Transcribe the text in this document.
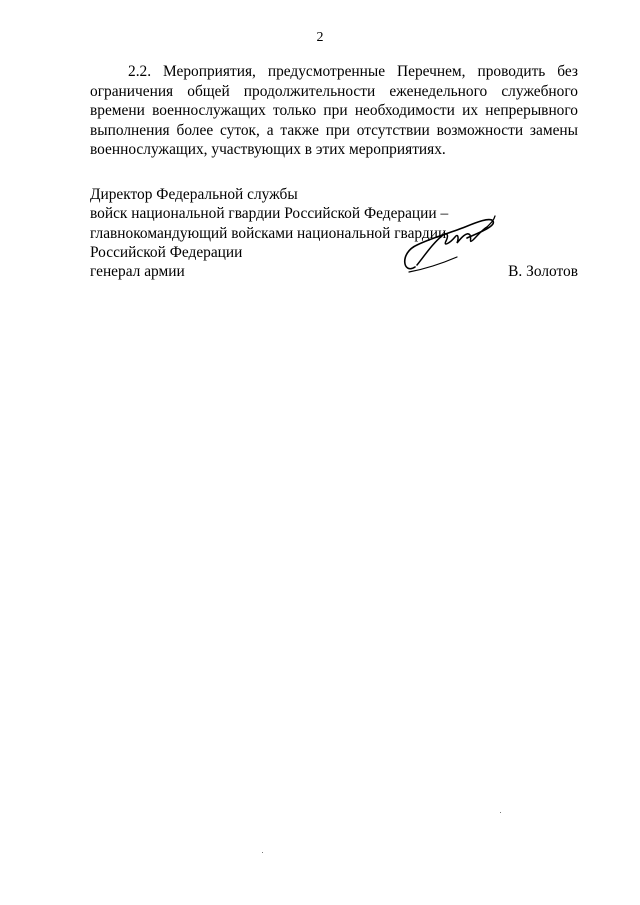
2

2.2. Мероприятия, предусмотренные Перечнем, проводить без ограничения общей продолжительности еженедельного служебного времени военнослужащих только при необходимости их непрерывного выполнения более суток, а также при отсутствии возможности замены военнослужащих, участвующих в этих мероприятиях.

Директор Федеральной службы
войск национальной гвардии Российской Федерации –
главнокомандующий войсками национальной гвардии
Российской Федерации
генерал армии	В. Золотов
